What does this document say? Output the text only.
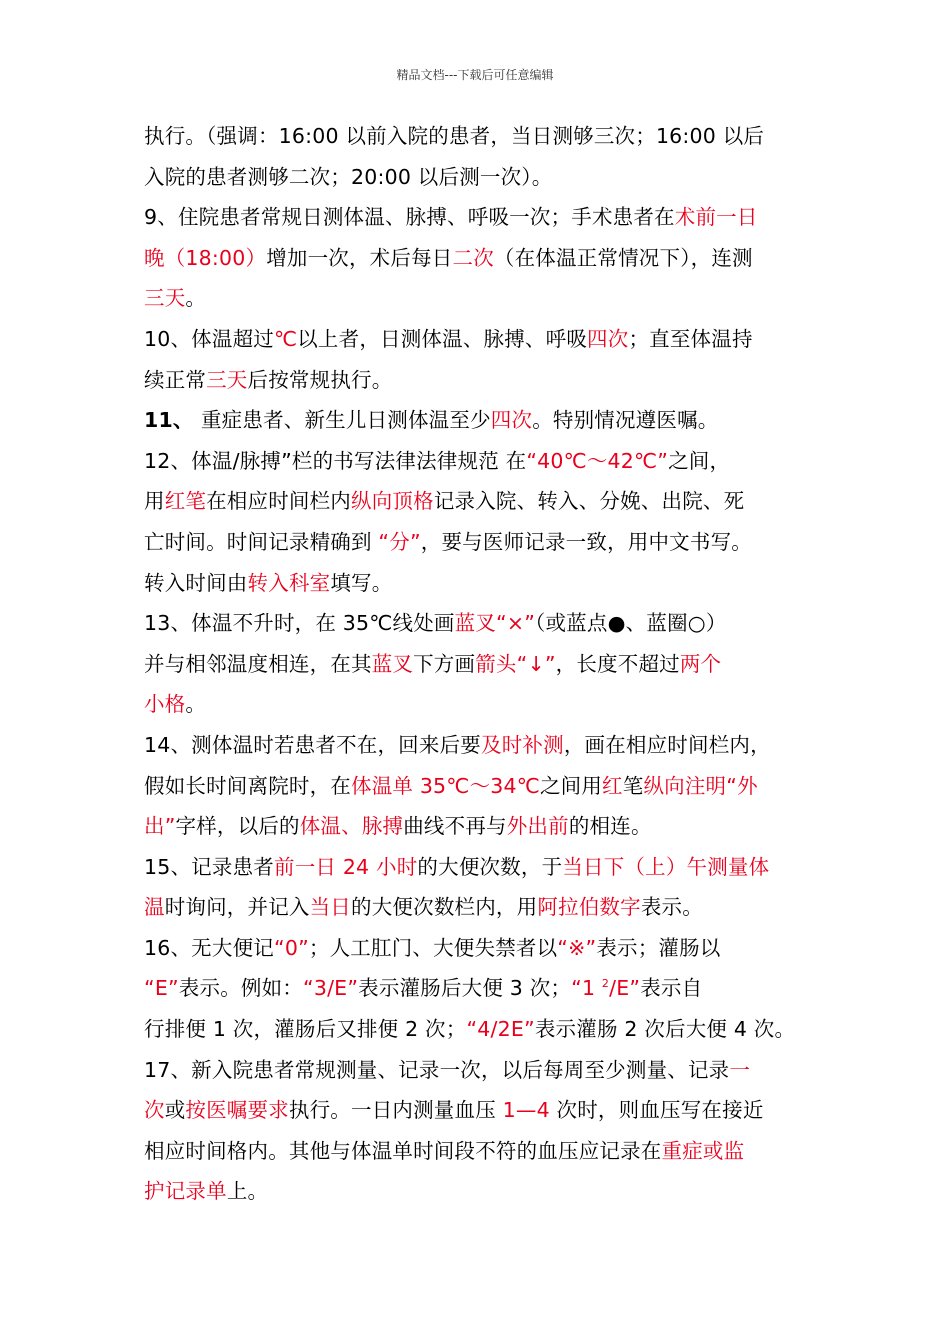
精品文档---下载后可任意编辑
执行。（强调：16:00 以前入院的患者，当日测够三次；16:00 以后
入院的患者测够二次；20:00 以后测一次）。
9、住院患者常规日测体温、脉搏、呼吸一次；手术患者在术前一日
晚（18:00）增加一次，术后每日二次（在体温正常情况下），连测
三天。
10、体温超过℃以上者，日测体温、脉搏、呼吸四次；直至体温持
续正常三天后按常规执行。
11、 重症患者、新生儿日测体温至少四次。特别情况遵医嘱。
12、体温/脉搏”栏的书写法律法律规范 在“40℃～42℃”之间，
用红笔在相应时间栏内纵向顶格记录入院、转入、分娩、出院、死
亡时间。时间记录精确到 “分”，要与医师记录一致，用中文书写。
转入时间由转入科室填写。
13、体温不升时，在 35℃线处画蓝叉“×”（或蓝点●、蓝圈○）
并与相邻温度相连，在其蓝叉下方画箭头“↓”，长度不超过两个
小格。
14、测体温时若患者不在，回来后要及时补测，画在相应时间栏内，
假如长时间离院时，在体温单 35℃～34℃之间用红笔纵向注明“外
出”字样，以后的体温、脉搏曲线不再与外出前的相连。
15、记录患者前一日 24 小时的大便次数，于当日下（上）午测量体
温时询问，并记入当日的大便次数栏内，用阿拉伯数字表示。
16、无大便记“0”；人工肛门、大便失禁者以“※”表示；灌肠以
“E”表示。例如：“3/E”表示灌肠后大便 3 次；“1 $^2$/E”表示自
行排便 1 次，灌肠后又排便 2 次；“4/2E”表示灌肠 2 次后大便 4 次。
17、新入院患者常规测量、记录一次，以后每周至少测量、记录一
次或按医嘱要求执行。一日内测量血压 1—4 次时，则血压写在接近
相应时间格内。其他与体温单时间段不符的血压应记录在重症或监
护记录单上。
